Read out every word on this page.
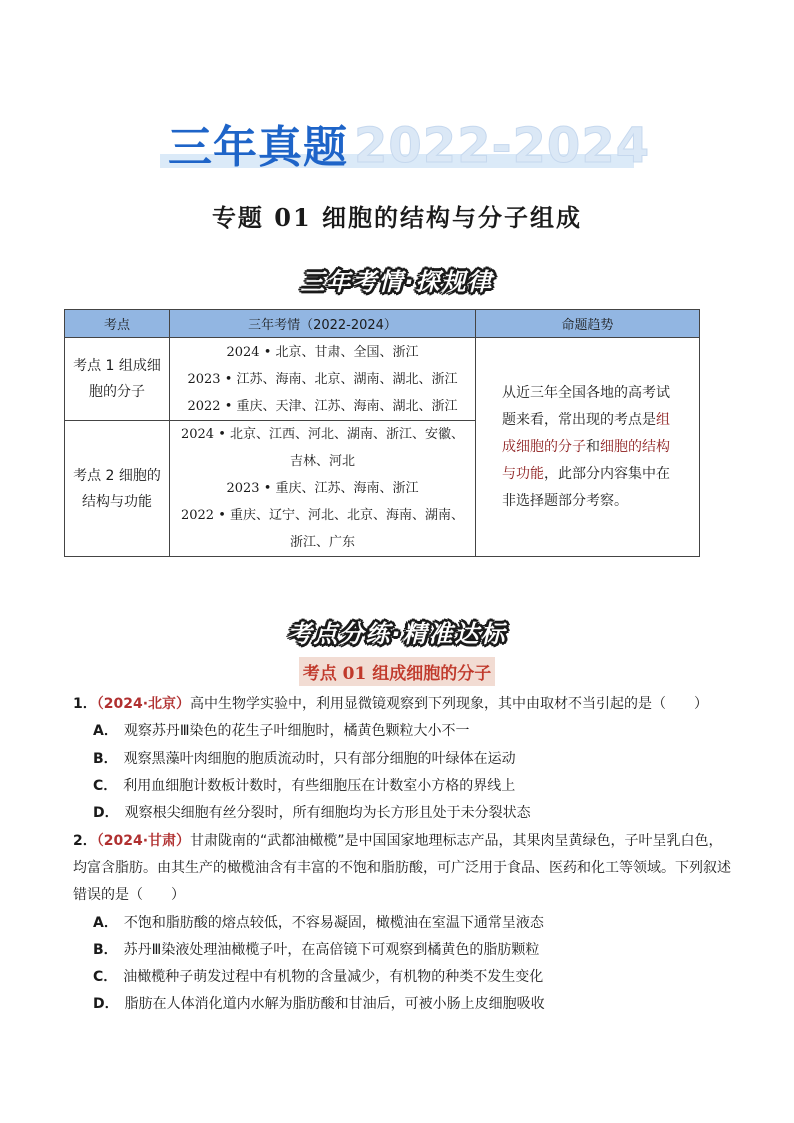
三年真题 2022-2024
专题 01 细胞的结构与分子组成
三年考情·探规律
考点	三年考情（2022-2024）	命题趋势
考点 1 组成细胞的分子	2024 • 北京、甘肃、全国、浙江
2023 • 江苏、海南、北京、湖南、湖北、浙江
2022 • 重庆、天津、江苏、海南、湖北、浙江	从近三年全国各地的高考试题来看，常出现的考点是组成细胞的分子和细胞的结构与功能，此部分内容集中在非选择题部分考察。
考点 2 细胞的结构与功能	2024 • 北京、江西、河北、湖南、浙江、安徽、吉林、河北
2023 • 重庆、江苏、海南、浙江
2022 • 重庆、辽宁、河北、北京、海南、湖南、浙江、广东	
考点分练·精准达标
考点 01 组成细胞的分子
1．（2024·北京）高中生物学实验中，利用显微镜观察到下列现象，其中由取材不当引起的是（　　）
A． 观察苏丹Ⅲ染色的花生子叶细胞时，橘黄色颗粒大小不一
B． 观察黑藻叶肉细胞的胞质流动时，只有部分细胞的叶绿体在运动
C． 利用血细胞计数板计数时，有些细胞压在计数室小方格的界线上
D． 观察根尖细胞有丝分裂时，所有细胞均为长方形且处于未分裂状态
2．（2024·甘肃）甘肃陇南的“武都油橄榄”是中国国家地理标志产品，其果肉呈黄绿色，子叶呈乳白色，均富含脂肪。由其生产的橄榄油含有丰富的不饱和脂肪酸，可广泛用于食品、医药和化工等领域。下列叙述错误的是（　　）
A． 不饱和脂肪酸的熔点较低，不容易凝固，橄榄油在室温下通常呈液态
B． 苏丹Ⅲ染液处理油橄榄子叶，在高倍镜下可观察到橘黄色的脂肪颗粒
C． 油橄榄种子萌发过程中有机物的含量减少，有机物的种类不发生变化
D． 脂肪在人体消化道内水解为脂肪酸和甘油后，可被小肠上皮细胞吸收
